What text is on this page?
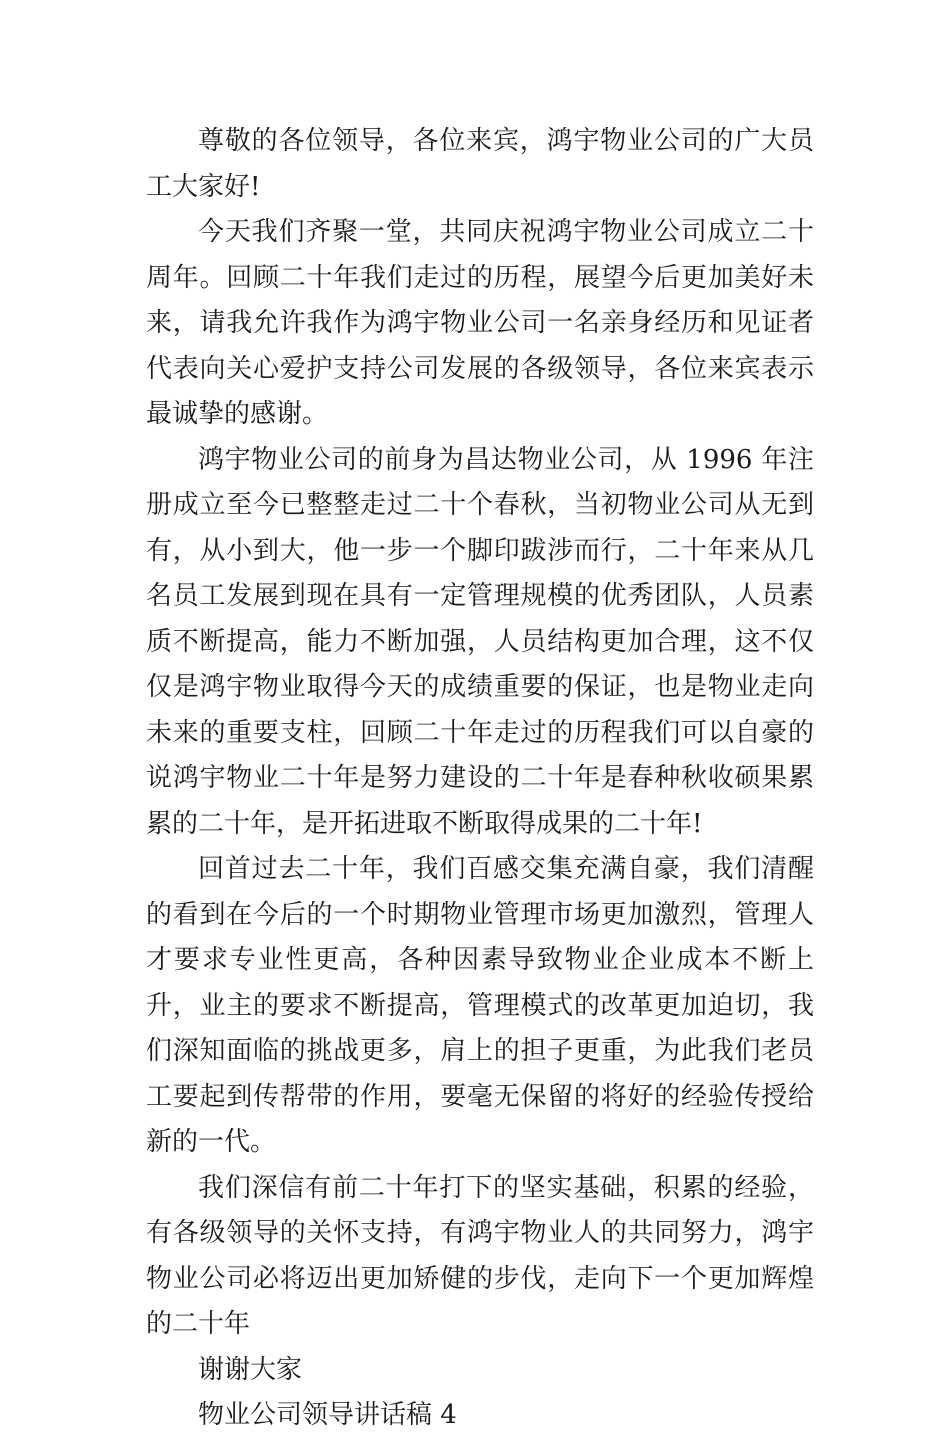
尊敬的各位领导，各位来宾，鸿宇物业公司的广大员工大家好!

今天我们齐聚一堂，共同庆祝鸿宇物业公司成立二十周年。回顾二十年我们走过的历程，展望今后更加美好未来，请我允许我作为鸿宇物业公司一名亲身经历和见证者代表向关心爱护支持公司发展的各级领导，各位来宾表示最诚挚的感谢。

鸿宇物业公司的前身为昌达物业公司，从 1996 年注册成立至今已整整走过二十个春秋，当初物业公司从无到有，从小到大，他一步一个脚印跋涉而行，二十年来从几名员工发展到现在具有一定管理规模的优秀团队，人员素质不断提高，能力不断加强，人员结构更加合理，这不仅仅是鸿宇物业取得今天的成绩重要的保证，也是物业走向未来的重要支柱，回顾二十年走过的历程我们可以自豪的说鸿宇物业二十年是努力建设的二十年是春种秋收硕果累累的二十年，是开拓进取不断取得成果的二十年!

回首过去二十年，我们百感交集充满自豪，我们清醒的看到在今后的一个时期物业管理市场更加激烈，管理人才要求专业性更高，各种因素导致物业企业成本不断上升，业主的要求不断提高，管理模式的改革更加迫切，我们深知面临的挑战更多，肩上的担子更重，为此我们老员工要起到传帮带的作用，要毫无保留的将好的经验传授给新的一代。

我们深信有前二十年打下的坚实基础，积累的经验，有各级领导的关怀支持，有鸿宇物业人的共同努力，鸿宇物业公司必将迈出更加矫健的步伐，走向下一个更加辉煌的二十年

谢谢大家

物业公司领导讲话稿 4
